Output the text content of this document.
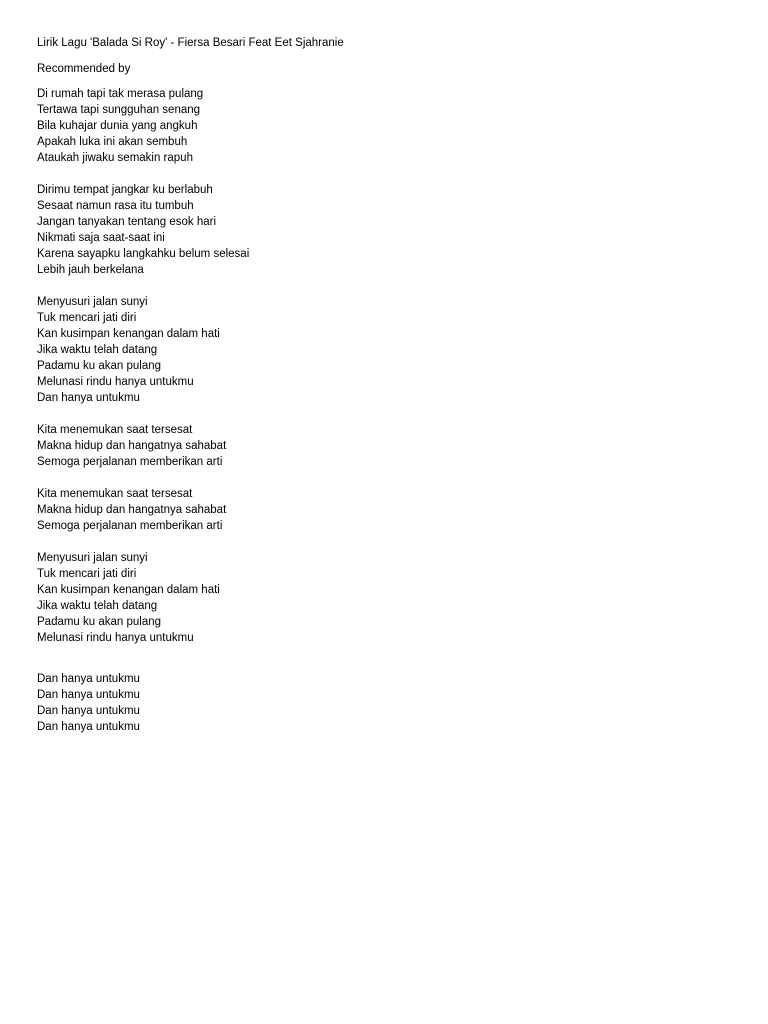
Lirik Lagu 'Balada Si Roy' - Fiersa Besari Feat Eet Sjahranie
Recommended by
Di rumah tapi tak merasa pulang
Tertawa tapi sungguhan senang
Bila kuhajar dunia yang angkuh
Apakah luka ini akan sembuh
Ataukah jiwaku semakin rapuh
Dirimu tempat jangkar ku berlabuh
Sesaat namun rasa itu tumbuh
Jangan tanyakan tentang esok hari
Nikmati saja saat-saat ini
Karena sayapku langkahku belum selesai
Lebih jauh berkelana
Menyusuri jalan sunyi
Tuk mencari jati diri
Kan kusimpan kenangan dalam hati
Jika waktu telah datang
Padamu ku akan pulang
Melunasi rindu hanya untukmu
Dan hanya untukmu
Kita menemukan saat tersesat
Makna hidup dan hangatnya sahabat
Semoga perjalanan memberikan arti
Kita menemukan saat tersesat
Makna hidup dan hangatnya sahabat
Semoga perjalanan memberikan arti
Menyusuri jalan sunyi
Tuk mencari jati diri
Kan kusimpan kenangan dalam hati
Jika waktu telah datang
Padamu ku akan pulang
Melunasi rindu hanya untukmu
Dan hanya untukmu
Dan hanya untukmu
Dan hanya untukmu
Dan hanya untukmu
